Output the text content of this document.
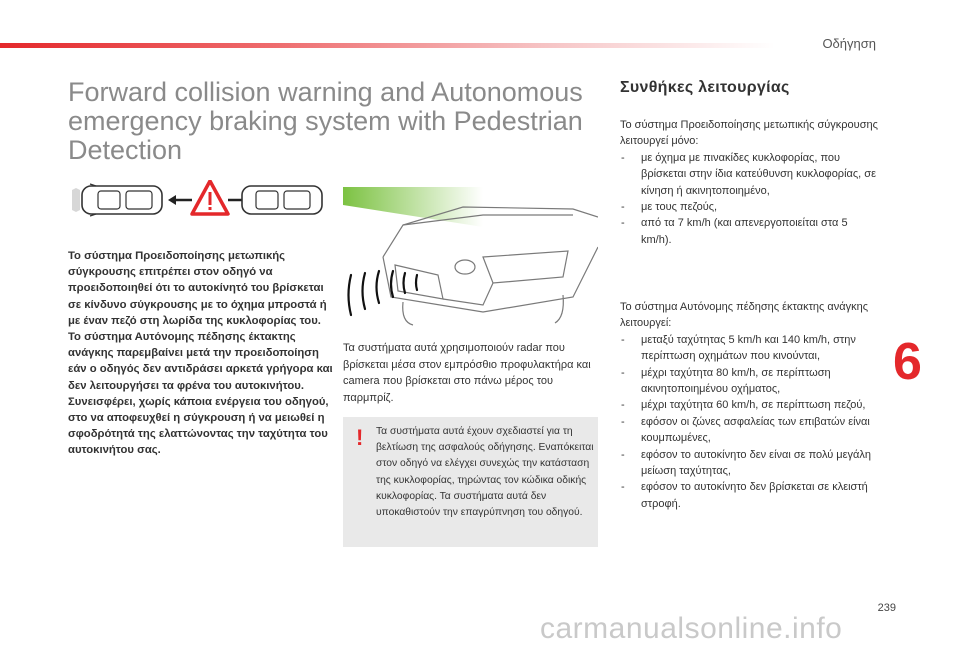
Οδήγηση
Forward collision warning and Autonomous emergency braking system with Pedestrian Detection

Το σύστημα Προειδοποίησης μετωπικής σύγκρουσης επιτρέπει στον οδηγό να προειδοποιηθεί ότι το αυτοκίνητό του βρίσκεται σε κίνδυνο σύγκρουσης με το όχημα μπροστά ή με έναν πεζό στη λωρίδα της κυκλοφορίας του.

Το σύστημα Αυτόνομης πέδησης έκτακτης ανάγκης παρεμβαίνει μετά την προειδοποίηση εάν ο οδηγός δεν αντιδράσει αρκετά γρήγορα και δεν λειτουργήσει τα φρένα του αυτοκινήτου.

Συνεισφέρει, χωρίς κάποια ενέργεια του οδηγού, στο να αποφευχθεί η σύγκρουση ή να μειωθεί η σφοδρότητά της ελαττώνοντας την ταχύτητα του αυτοκινήτου σας.

Τα συστήματα αυτά χρησιμοποιούν radar που βρίσκεται μέσα στον εμπρόσθιο προφυλακτήρα και camera που βρίσκεται στο πάνω μέρος του παρμπρίζ.

! Τα συστήματα αυτά έχουν σχεδιαστεί για τη βελτίωση της ασφαλούς οδήγησης. Εναπόκειται στον οδηγό να ελέγχει συνεχώς την κατάσταση της κυκλοφορίας, τηρώντας τον κώδικα οδικής κυκλοφορίας. Τα συστήματα αυτά δεν υποκαθιστούν την επαγρύπνηση του οδηγού.

Συνθήκες λειτουργίας

Το σύστημα Προειδοποίησης μετωπικής σύγκρουσης λειτουργεί μόνο:

- με όχημα με πινακίδες κυκλοφορίας, που βρίσκεται στην ίδια κατεύθυνση κυκλοφορίας, σε κίνηση ή ακινητοποιημένο,
- με τους πεζούς,
- από τα 7 km/h (και απενεργοποιείται στα 5 km/h).

Το σύστημα Αυτόνομης πέδησης έκτακτης ανάγκης λειτουργεί:

- μεταξύ ταχύτητας 5 km/h και 140 km/h, στην περίπτωση οχημάτων που κινούνται,
- μέχρι ταχύτητα 80 km/h, σε περίπτωση ακινητοποιημένου οχήματος,
- μέχρι ταχύτητα 60 km/h, σε περίπτωση πεζού,
- εφόσον οι ζώνες ασφαλείας των επιβατών είναι κουμπωμένες,
- εφόσον το αυτοκίνητο δεν είναι σε πολύ μεγάλη μείωση ταχύτητας,
- εφόσον το αυτοκίνητο δεν βρίσκεται σε κλειστή στροφή.
6
239
carmanualsonline.info
